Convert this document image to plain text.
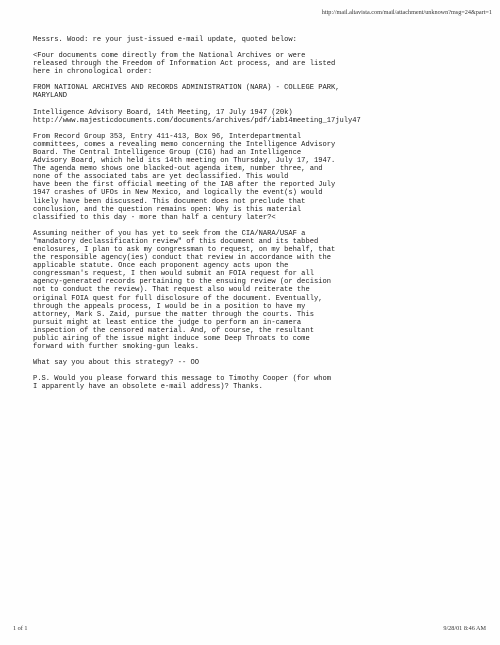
http://mail.altavista.com/mail/attachment/unknown?msg=24&part=1

Messrs. Wood: re your just-issued e-mail update, quoted below:

<Four documents come directly from the National Archives or were
released through the Freedom of Information Act process, and are listed
here in chronological order:

FROM NATIONAL ARCHIVES AND RECORDS ADMINISTRATION (NARA) - COLLEGE PARK,
MARYLAND

Intelligence Advisory Board, 14th Meeting, 17 July 1947 (20k)
http://www.majesticdocuments.com/documents/archives/pdf/iab14meeting_17july47

From Record Group 353, Entry 411-413, Box 96, Interdepartmental
committees, comes a revealing memo concerning the Intelligence Advisory
Board. The Central Intelligence Group (CIG) had an Intelligence
Advisory Board, which held its 14th meeting on Thursday, July 17, 1947.
The agenda memo shows one blacked-out agenda item, number three, and
none of the associated tabs are yet declassified. This would
have been the first official meeting of the IAB after the reported July
1947 crashes of UFOs in New Mexico, and logically the event(s) would
likely have been discussed. This document does not preclude that
conclusion, and the question remains open: Why is this material
classified to this day - more than half a century later?<

Assuming neither of you has yet to seek from the CIA/NARA/USAF a
"mandatory declassification review" of this document and its tabbed
enclosures, I plan to ask my congressman to request, on my behalf, that
the responsible agency(ies) conduct that review in accordance with the
applicable statute. Once each proponent agency acts upon the
congressman's request, I then would submit an FOIA request for all
agency-generated records pertaining to the ensuing review (or decision
not to conduct the review). That request also would reiterate the
original FOIA quest for full disclosure of the document. Eventually,
through the appeals process, I would be in a position to have my
attorney, Mark S. Zaid, pursue the matter through the courts. This
pursuit might at least entice the judge to perform an in-camera
inspection of the censored material. And, of course, the resultant
public airing of the issue might induce some Deep Throats to come
forward with further smoking-gun leaks.

What say you about this strategy? -- OO

P.S. Would you please forward this message to Timothy Cooper (for whom
I apparently have an obsolete e-mail address)? Thanks.

1 of 1	9/28/01 8:46 AM
